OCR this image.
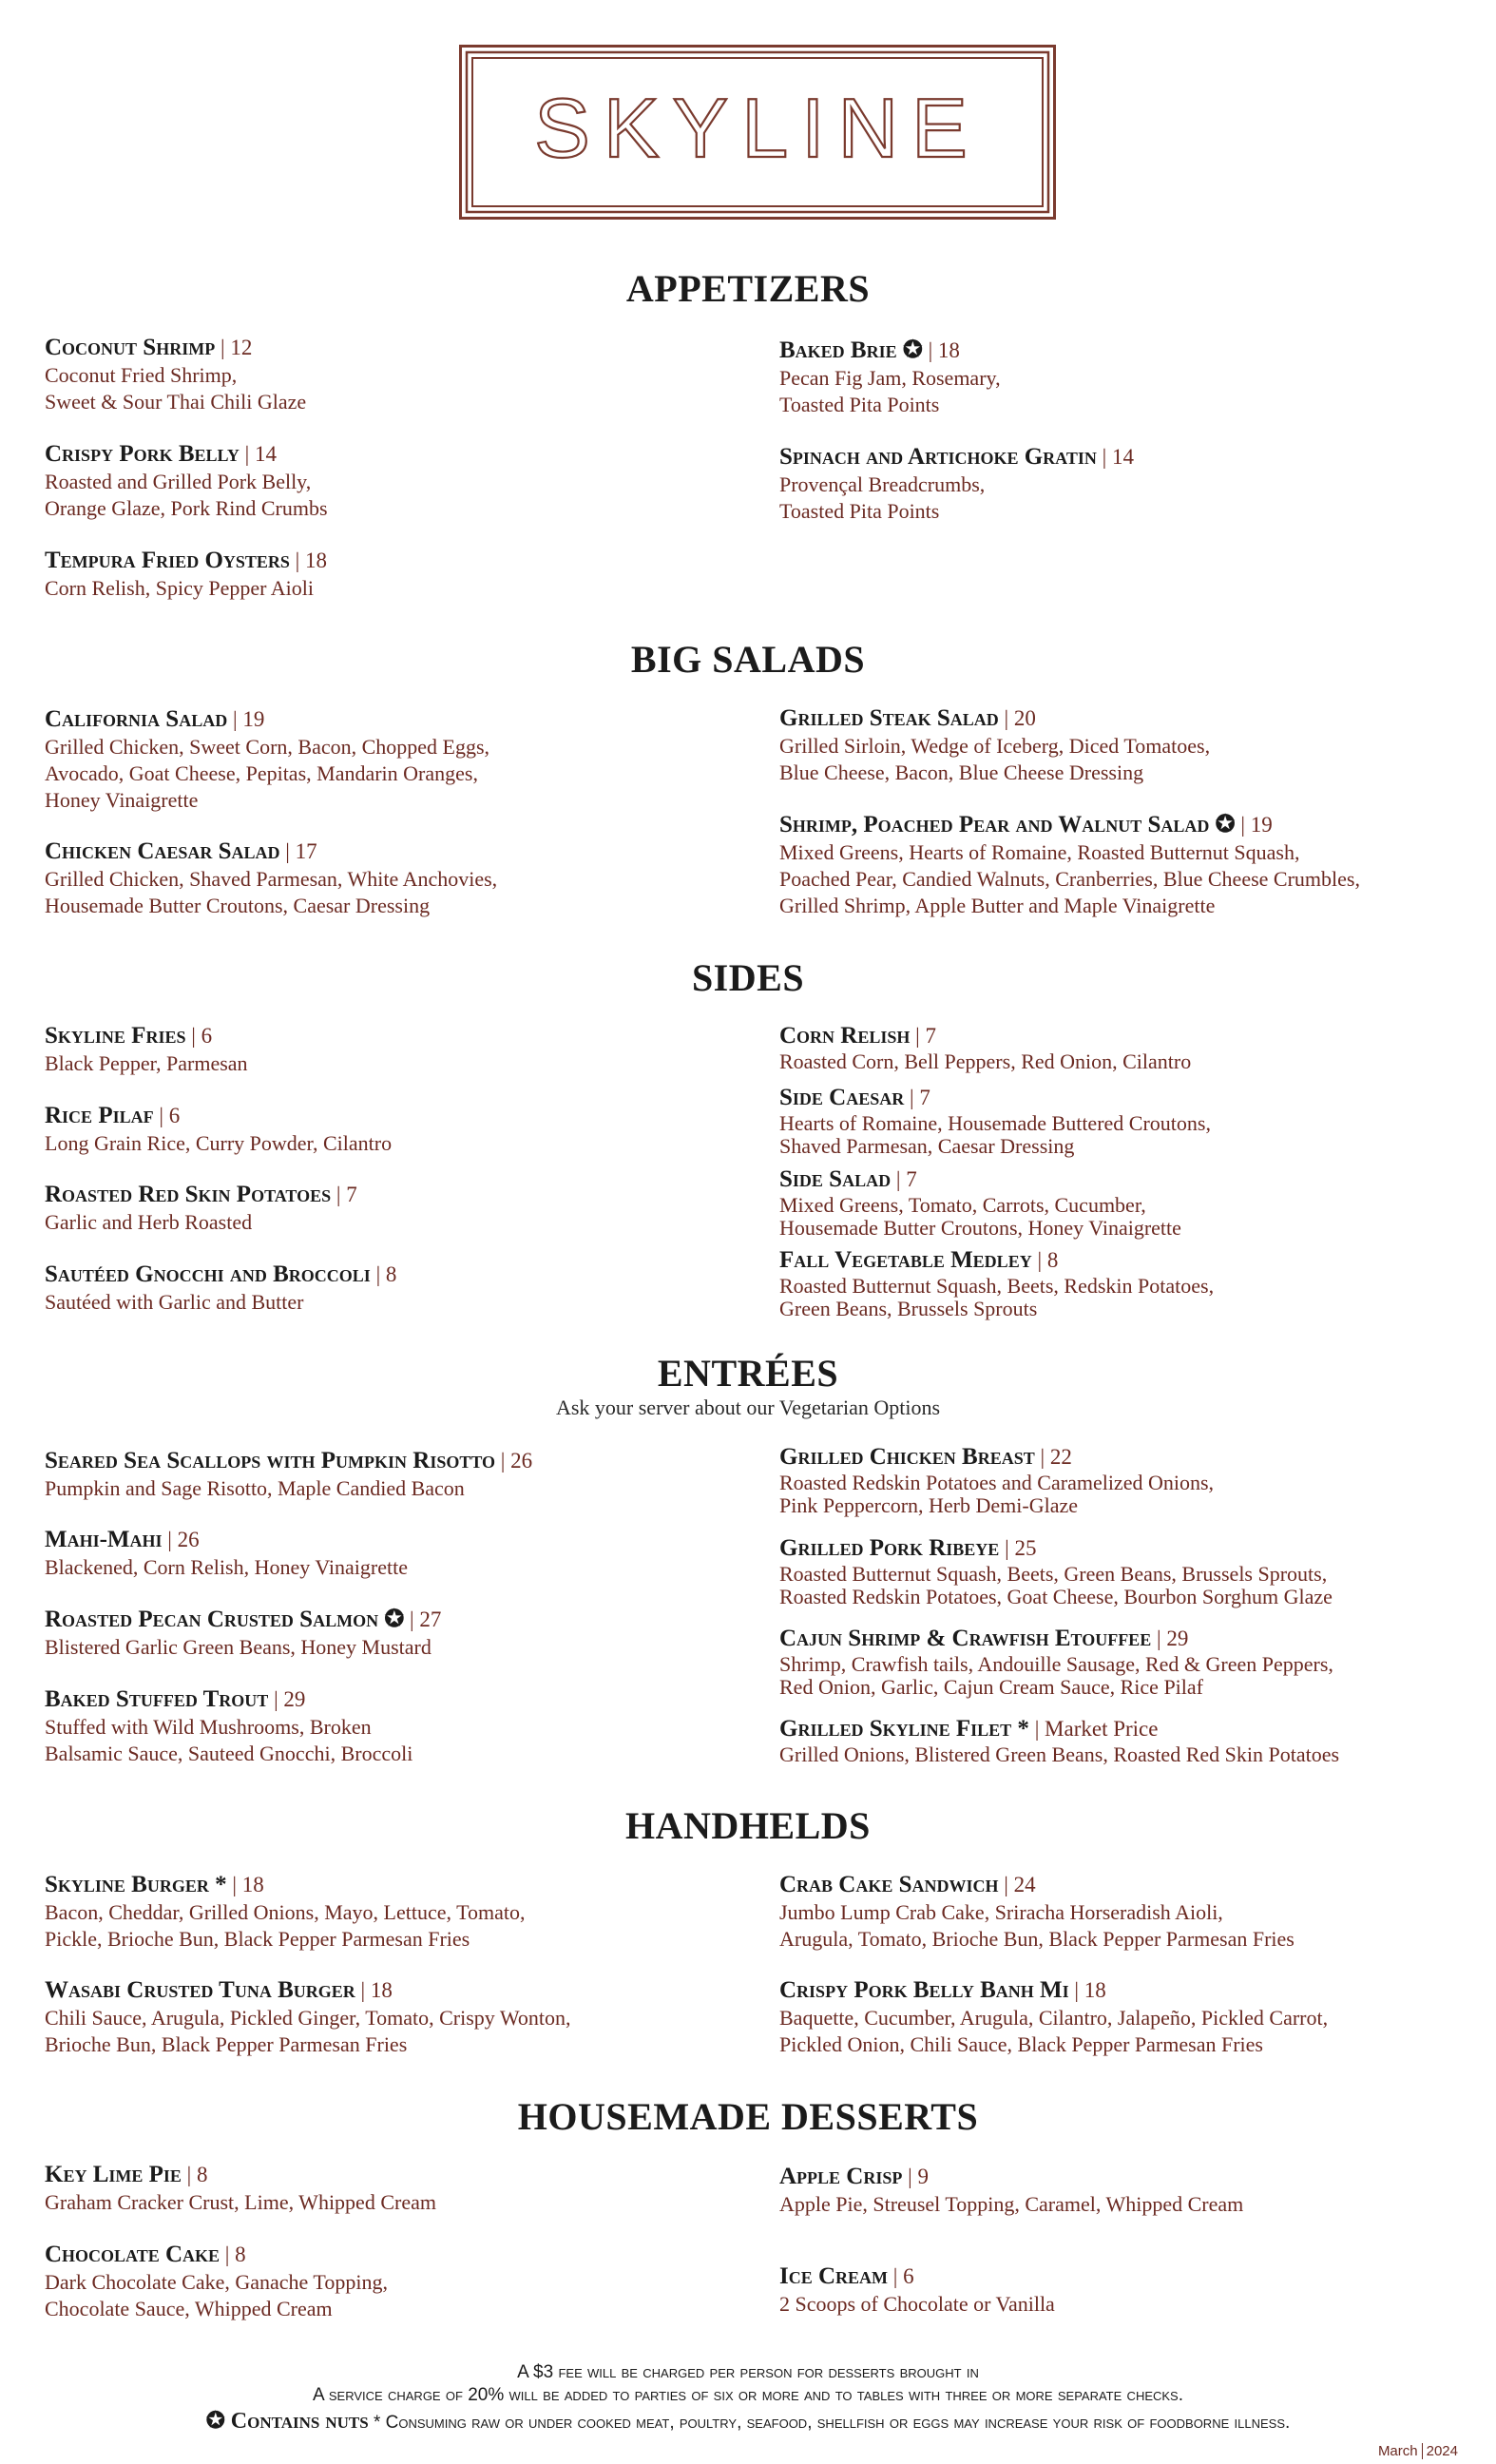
SKYLINE
APPETIZERS
Coconut Shrimp | 12
Coconut Fried Shrimp,
Sweet & Sour Thai Chili Glaze
Crispy Pork Belly | 14
Roasted and Grilled Pork Belly,
Orange Glaze, Pork Rind Crumbs
Tempura Fried Oysters | 18
Corn Relish, Spicy Pepper Aioli
Baked Brie ✪ | 18
Pecan Fig Jam, Rosemary,
Toasted Pita Points
Spinach and Artichoke Gratin | 14
Provençal Breadcrumbs,
Toasted Pita Points
BIG SALADS
California Salad | 19
Grilled Chicken, Sweet Corn, Bacon, Chopped Eggs,
Avocado, Goat Cheese, Pepitas, Mandarin Oranges,
Honey Vinaigrette
Chicken Caesar Salad | 17
Grilled Chicken, Shaved Parmesan, White Anchovies,
Housemade Butter Croutons, Caesar Dressing
Grilled Steak Salad | 20
Grilled Sirloin, Wedge of Iceberg, Diced Tomatoes,
Blue Cheese, Bacon, Blue Cheese Dressing
Shrimp, Poached Pear and Walnut Salad ✪ | 19
Mixed Greens, Hearts of Romaine, Roasted Butternut Squash,
Poached Pear, Candied Walnuts, Cranberries, Blue Cheese Crumbles,
Grilled Shrimp, Apple Butter and Maple Vinaigrette
SIDES
Skyline Fries | 6
Black Pepper, Parmesan
Rice Pilaf | 6
Long Grain Rice, Curry Powder, Cilantro
Roasted Red Skin Potatoes | 7
Garlic and Herb Roasted
Sautéed Gnocchi and Broccoli | 8
Sautéed with Garlic and Butter
Corn Relish | 7
Roasted Corn, Bell Peppers, Red Onion, Cilantro
Side Caesar | 7
Hearts of Romaine, Housemade Buttered Croutons,
Shaved Parmesan, Caesar Dressing
Side Salad | 7
Mixed Greens, Tomato, Carrots, Cucumber,
Housemade Butter Croutons, Honey Vinaigrette
Fall Vegetable Medley | 8
Roasted Butternut Squash, Beets, Redskin Potatoes,
Green Beans, Brussels Sprouts
ENTRÉES
Ask your server about our Vegetarian Options
Seared Sea Scallops with Pumpkin Risotto | 26
Pumpkin and Sage Risotto, Maple Candied Bacon
Mahi-Mahi | 26
Blackened, Corn Relish, Honey Vinaigrette
Roasted Pecan Crusted Salmon ✪ | 27
Blistered Garlic Green Beans, Honey Mustard
Baked Stuffed Trout | 29
Stuffed with Wild Mushrooms, Broken
Balsamic Sauce, Sauteed Gnocchi, Broccoli
Grilled Chicken Breast | 22
Roasted Redskin Potatoes and Caramelized Onions,
Pink Peppercorn, Herb Demi-Glaze
Grilled Pork Ribeye | 25
Roasted Butternut Squash, Beets, Green Beans, Brussels Sprouts,
Roasted Redskin Potatoes, Goat Cheese, Bourbon Sorghum Glaze
Cajun Shrimp & Crawfish Etouffee | 29
Shrimp, Crawfish tails, Andouille Sausage, Red & Green Peppers,
Red Onion, Garlic, Cajun Cream Sauce, Rice Pilaf
Grilled Skyline Filet * | Market Price
Grilled Onions, Blistered Green Beans, Roasted Red Skin Potatoes
HANDHELDS
Skyline Burger * | 18
Bacon, Cheddar, Grilled Onions, Mayo, Lettuce, Tomato,
Pickle, Brioche Bun, Black Pepper Parmesan Fries
Wasabi Crusted Tuna Burger | 18
Chili Sauce, Arugula, Pickled Ginger, Tomato, Crispy Wonton,
Brioche Bun, Black Pepper Parmesan Fries
Crab Cake Sandwich | 24
Jumbo Lump Crab Cake, Sriracha Horseradish Aioli,
Arugula, Tomato, Brioche Bun, Black Pepper Parmesan Fries
Crispy Pork Belly Banh Mi | 18
Baquette, Cucumber, Arugula, Cilantro, Jalapeño, Pickled Carrot,
Pickled Onion, Chili Sauce, Black Pepper Parmesan Fries
HOUSEMADE DESSERTS
Key Lime Pie | 8
Graham Cracker Crust, Lime, Whipped Cream
Chocolate Cake | 8
Dark Chocolate Cake, Ganache Topping,
Chocolate Sauce, Whipped Cream
Apple Crisp | 9
Apple Pie, Streusel Topping, Caramel, Whipped Cream
Ice Cream | 6
2 Scoops of Chocolate or Vanilla
A $3 fee will be charged per person for desserts brought in
A service charge of 20% will be added to parties of six or more and to tables with three or more separate checks.
✪ Contains nuts * Consuming raw or under cooked meat, poultry, seafood, shellfish or eggs may increase your risk of foodborne illness.
March 2024
